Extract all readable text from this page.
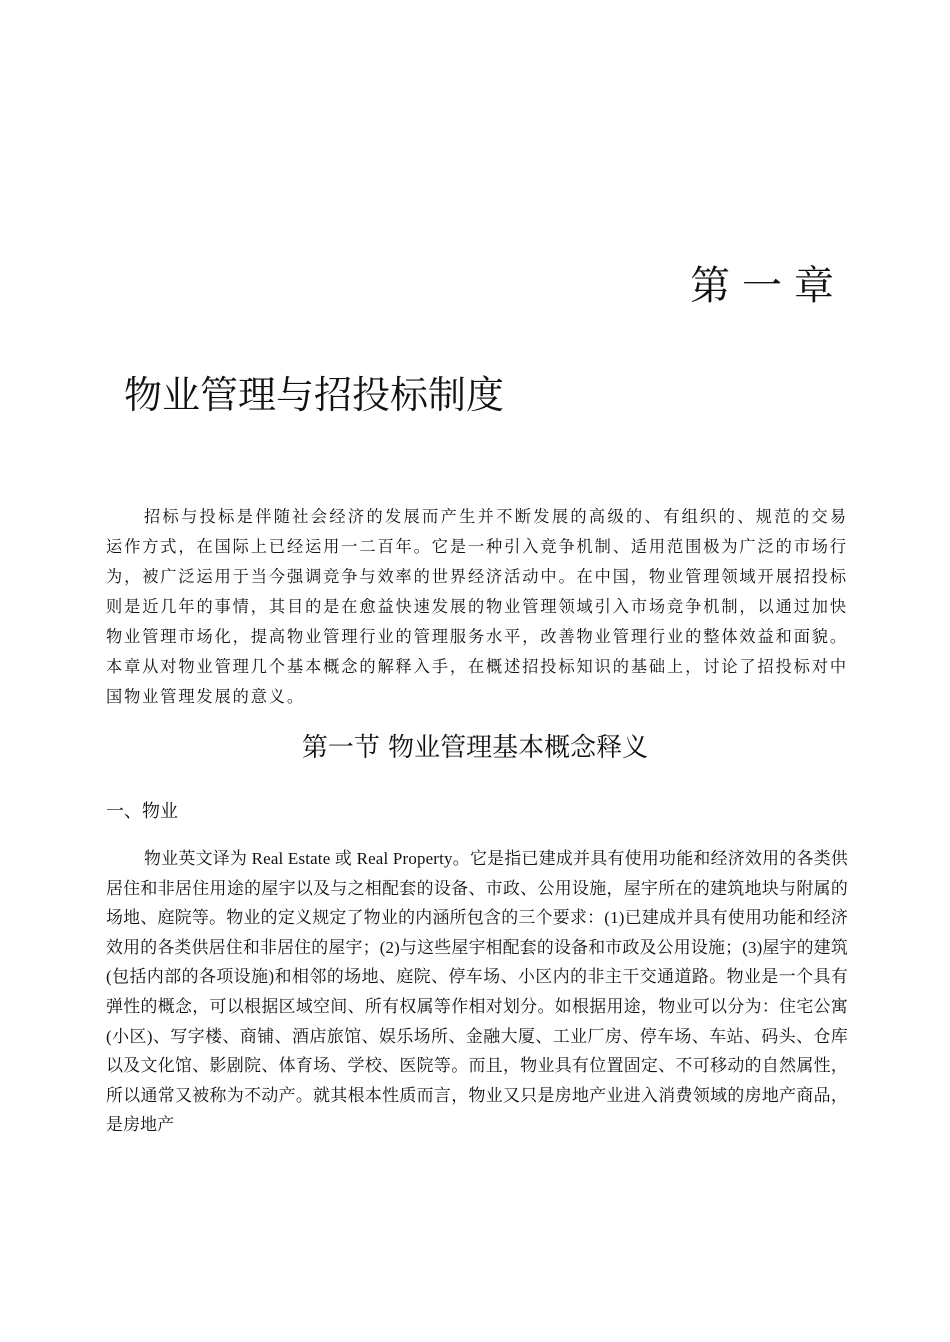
第一章
物业管理与招投标制度

招标与投标是伴随社会经济的发展而产生并不断发展的高级的、有组织的、规范的交易运作方式，在国际上已经运用一二百年。它是一种引入竞争机制、适用范围极为广泛的市场行为，被广泛运用于当今强调竞争与效率的世界经济活动中。在中国，物业管理领域开展招投标则是近几年的事情，其目的是在愈益快速发展的物业管理领域引入市场竞争机制，以通过加快物业管理市场化，提高物业管理行业的管理服务水平，改善物业管理行业的整体效益和面貌。本章从对物业管理几个基本概念的解释入手，在概述招投标知识的基础上，讨论了招投标对中国物业管理发展的意义。

第一节 物业管理基本概念释义
一、物业

物业英文译为 Real Estate 或 Real Property。它是指已建成并具有使用功能和经济效用的各类供居住和非居住用途的屋宇以及与之相配套的设备、市政、公用设施，屋宇所在的建筑地块与附属的场地、庭院等。物业的定义规定了物业的内涵所包含的三个要求：(1)已建成并具有使用功能和经济效用的各类供居住和非居住的屋宇；(2)与这些屋宇相配套的设备和市政及公用设施；(3)屋宇的建筑(包括内部的各项设施)和相邻的场地、庭院、停车场、小区内的非主干交通道路。物业是一个具有弹性的概念，可以根据区域空间、所有权属等作相对划分。如根据用途，物业可以分为：住宅公寓(小区)、写字楼、商铺、酒店旅馆、娱乐场所、金融大厦、工业厂房、停车场、车站、码头、仓库以及文化馆、影剧院、体育场、学校、医院等。而且，物业具有位置固定、不可移动的自然属性，所以通常又被称为不动产。就其根本性质而言，物业又只是房地产业进入消费领域的房地产商品，是房地产
